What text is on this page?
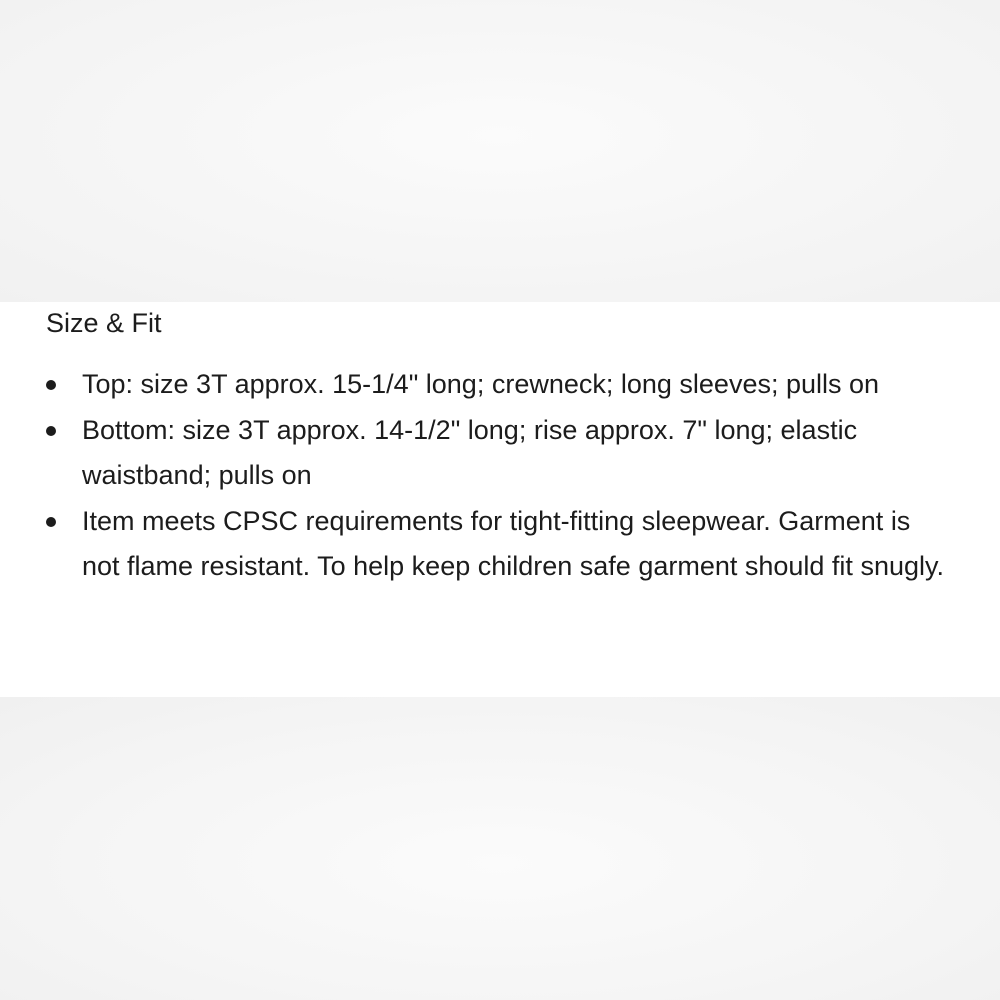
Size & Fit
Top: size 3T approx. 15-1/4" long; crewneck; long sleeves; pulls on
Bottom: size 3T approx. 14-1/2" long; rise approx. 7" long; elastic waistband; pulls on
Item meets CPSC requirements for tight-fitting sleepwear. Garment is not flame resistant. To help keep children safe garment should fit snugly.
